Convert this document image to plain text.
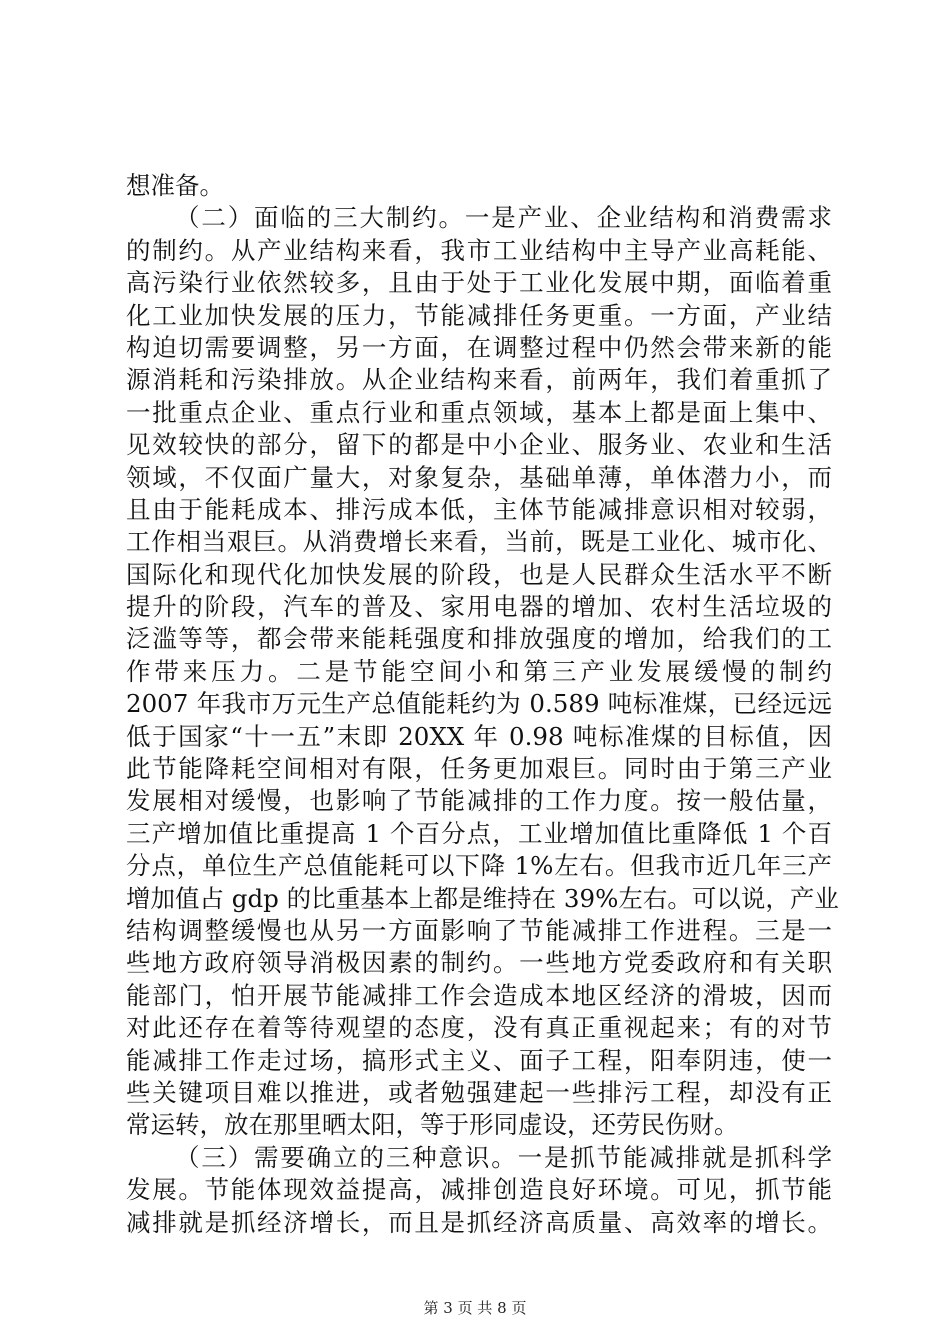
想准备。
（二）面临的三大制约。一是产业、企业结构和消费需求
的制约。从产业结构来看，我市工业结构中主导产业高耗能、
高污染行业依然较多，且由于处于工业化发展中期，面临着重
化工业加快发展的压力，节能减排任务更重。一方面，产业结
构迫切需要调整，另一方面，在调整过程中仍然会带来新的能
源消耗和污染排放。从企业结构来看，前两年，我们着重抓了
一批重点企业、重点行业和重点领域，基本上都是面上集中、
见效较快的部分，留下的都是中小企业、服务业、农业和生活
领域，不仅面广量大，对象复杂，基础单薄，单体潜力小，而
且由于能耗成本、排污成本低，主体节能减排意识相对较弱，
工作相当艰巨。从消费增长来看，当前，既是工业化、城市化、
国际化和现代化加快发展的阶段，也是人民群众生活水平不断
提升的阶段，汽车的普及、家用电器的增加、农村生活垃圾的
泛滥等等，都会带来能耗强度和排放强度的增加，给我们的工
作带来压力。二是节能空间小和第三产业发展缓慢的制约
2007 年我市万元生产总值能耗约为 0.589 吨标准煤，已经远远
低于国家“十一五”末即 20XX 年 0.98 吨标准煤的目标值，因
此节能降耗空间相对有限，任务更加艰巨。同时由于第三产业
发展相对缓慢，也影响了节能减排的工作力度。按一般估量，
三产增加值比重提高 1 个百分点，工业增加值比重降低 1 个百
分点，单位生产总值能耗可以下降 1%左右。但我市近几年三产
增加值占 gdp 的比重基本上都是维持在 39%左右。可以说，产业
结构调整缓慢也从另一方面影响了节能减排工作进程。三是一
些地方政府领导消极因素的制约。一些地方党委政府和有关职
能部门，怕开展节能减排工作会造成本地区经济的滑坡，因而
对此还存在着等待观望的态度，没有真正重视起来；有的对节
能减排工作走过场，搞形式主义、面子工程，阳奉阴违，使一
些关键项目难以推进，或者勉强建起一些排污工程，却没有正
常运转，放在那里晒太阳，等于形同虚设，还劳民伤财。
（三）需要确立的三种意识。一是抓节能减排就是抓科学
发展。节能体现效益提高，减排创造良好环境。可见，抓节能
减排就是抓经济增长，而且是抓经济高质量、高效率的增长。
第 3 页 共 8 页
